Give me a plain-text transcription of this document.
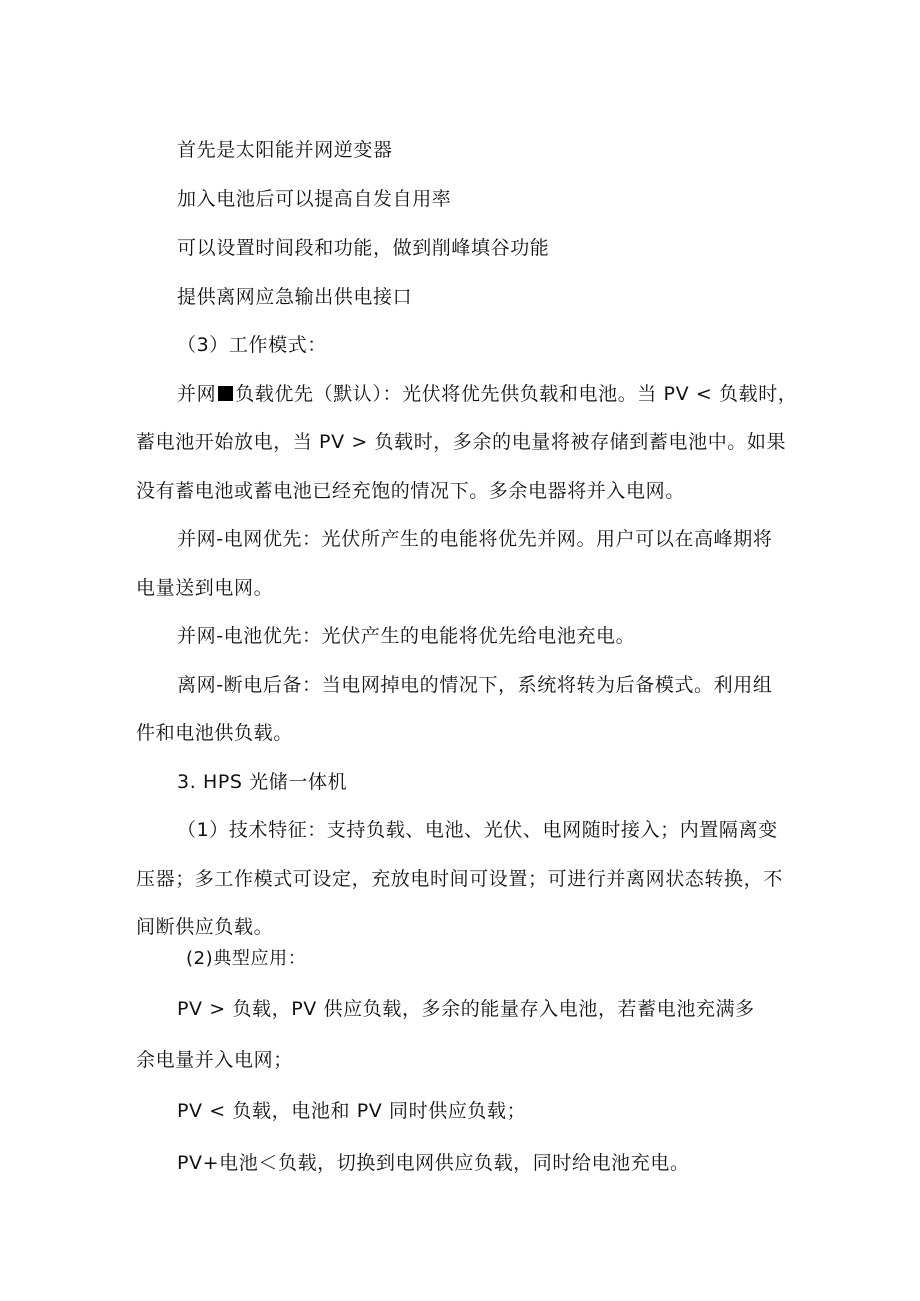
首先是太阳能并网逆变器
加入电池后可以提高自发自用率
可以设置时间段和功能，做到削峰填谷功能
提供离网应急输出供电接口
（3）工作模式：
并网 负载优先（默认）：光伏将优先供负载和电池。当 PV < 负载时，
蓄电池开始放电，当 PV > 负载时，多余的电量将被存储到蓄电池中。如果
没有蓄电池或蓄电池已经充饱的情况下。多余电器将并入电网。
并网-电网优先：光伏所产生的电能将优先并网。用户可以在高峰期将
电量送到电网。
并网-电池优先：光伏产生的电能将优先给电池充电。
离网-断电后备：当电网掉电的情况下，系统将转为后备模式。利用组
件和电池供负载。
3. HPS 光储一体机
（1）技术特征：支持负载、电池、光伏、电网随时接入；内置隔离变
压器；多工作模式可设定，充放电时间可设置；可进行并离网状态转换，不
间断供应负载。
(2)典型应用：
PV > 负载，PV 供应负载，多余的能量存入电池，若蓄电池充满多
余电量并入电网；
PV < 负载，电池和 PV 同时供应负载；
PV+电池＜负载，切换到电网供应负载，同时给电池充电。
